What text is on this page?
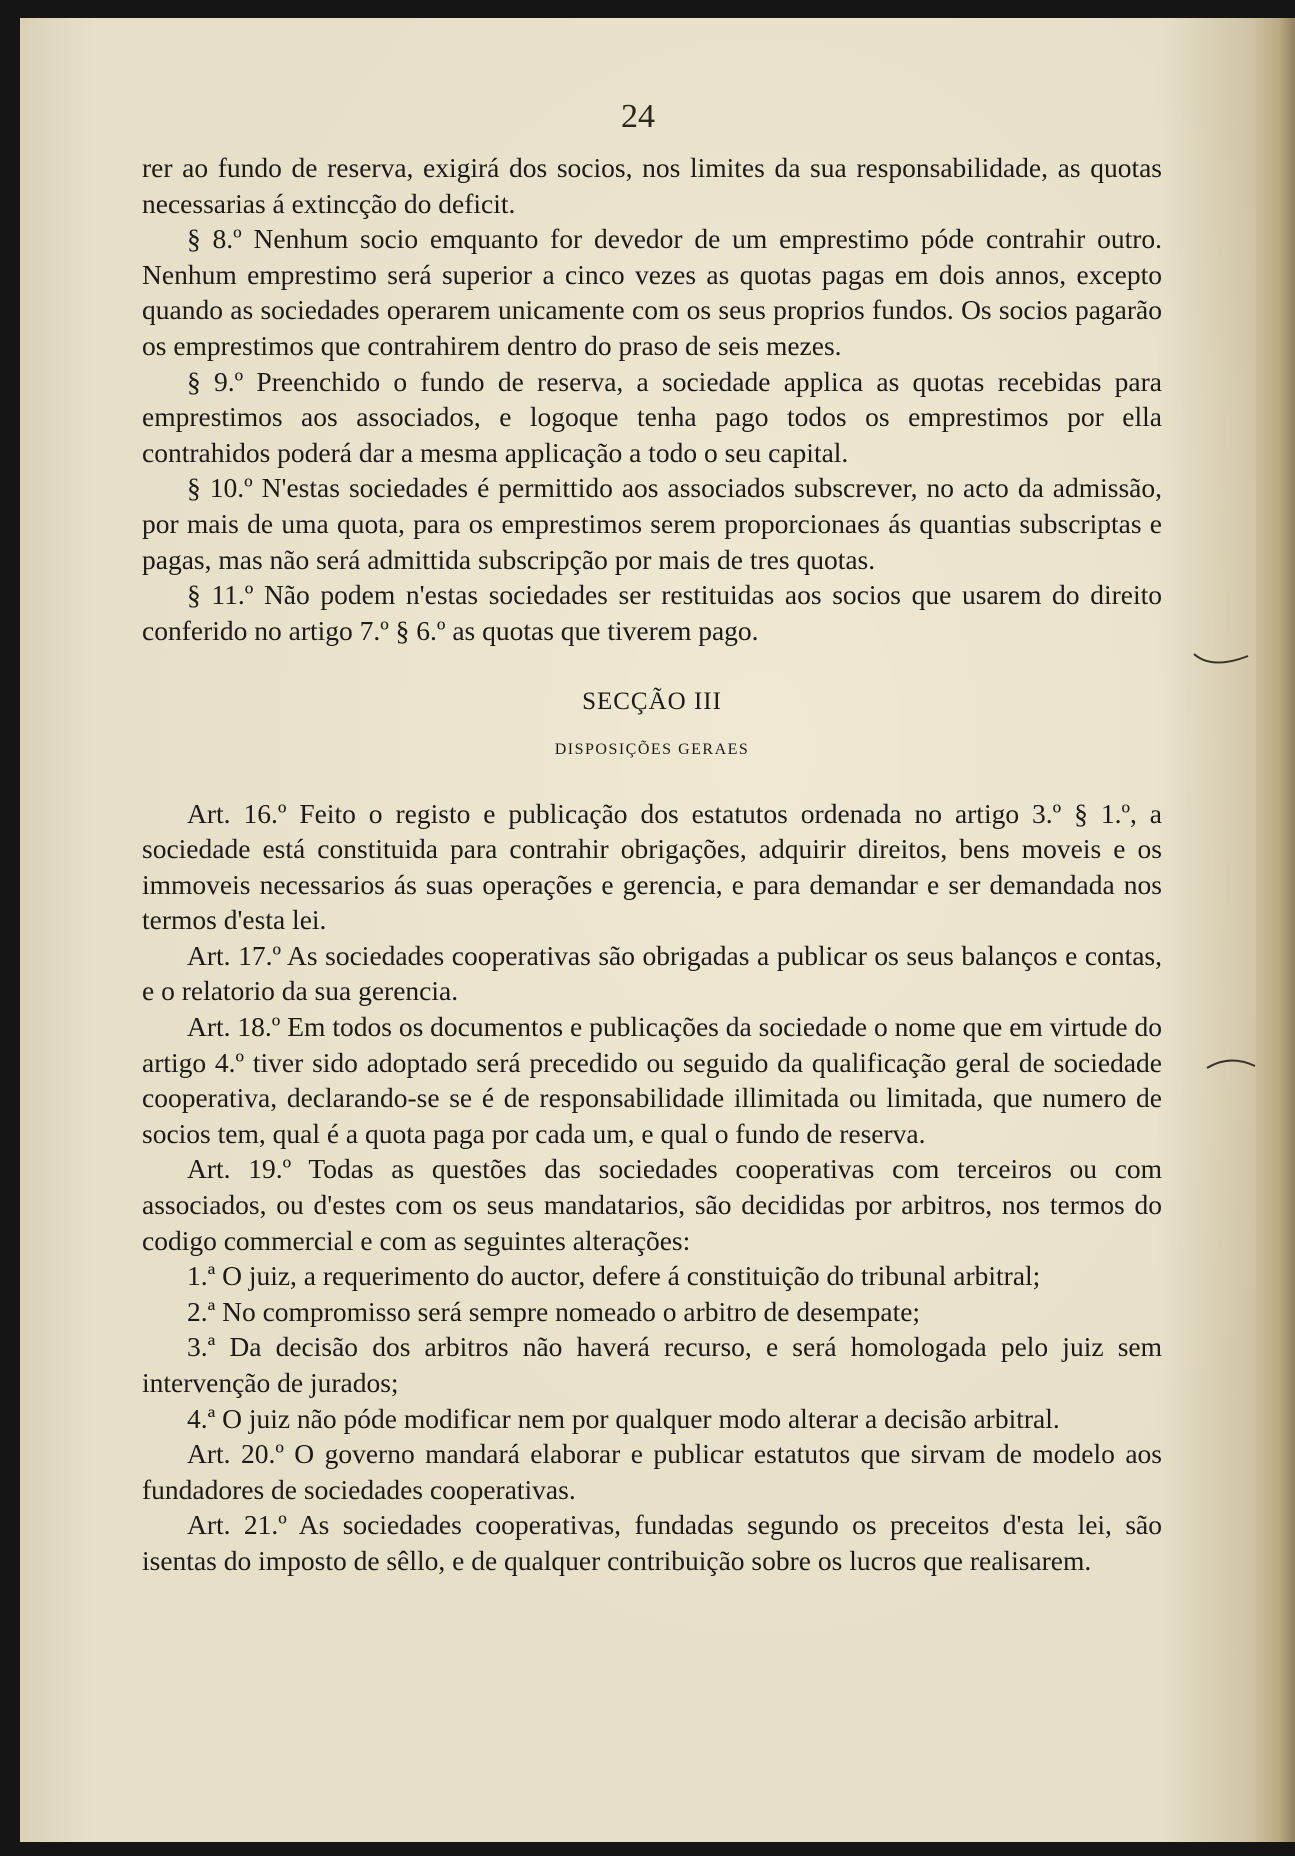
24

rer ao fundo de reserva, exigirá dos socios, nos limites da sua responsabilidade, as quotas necessarias á extincção do deficit.

§ 8.º Nenhum socio emquanto for devedor de um emprestimo póde contrahir outro. Nenhum emprestimo será superior a cinco vezes as quotas pagas em dois annos, excepto quando as sociedades operarem unicamente com os seus proprios fundos. Os socios pagarão os emprestimos que contrahirem dentro do praso de seis mezes.

§ 9.º Preenchido o fundo de reserva, a sociedade applica as quotas recebidas para emprestimos aos associados, e logoque tenha pago todos os emprestimos por ella contrahidos poderá dar a mesma applicação a todo o seu capital.

§ 10.º N'estas sociedades é permittido aos associados subscrever, no acto da admissão, por mais de uma quota, para os emprestimos serem proporcionaes ás quantias subscriptas e pagas, mas não será admittida subscripção por mais de tres quotas.

§ 11.º Não podem n'estas sociedades ser restituidas aos socios que usarem do direito conferido no artigo 7.º § 6.º as quotas que tiverem pago.

SECÇÃO III
DISPOSIÇÕES GERAES

Art. 16.º Feito o registo e publicação dos estatutos ordenada no artigo 3.º § 1.º, a sociedade está constituida para contrahir obrigações, adquirir direitos, bens moveis e os immoveis necessarios ás suas operações e gerencia, e para demandar e ser demandada nos termos d'esta lei.

Art. 17.º As sociedades cooperativas são obrigadas a publicar os seus balanços e contas, e o relatorio da sua gerencia.

Art. 18.º Em todos os documentos e publicações da sociedade o nome que em virtude do artigo 4.º tiver sido adoptado será precedido ou seguido da qualificação geral de sociedade cooperativa, declarando-se se é de responsabilidade illimitada ou limitada, que numero de socios tem, qual é a quota paga por cada um, e qual o fundo de reserva.

Art. 19.º Todas as questões das sociedades cooperativas com terceiros ou com associados, ou d'estes com os seus mandatarios, são decididas por arbitros, nos termos do codigo commercial e com as seguintes alterações:

1.ª O juiz, a requerimento do auctor, defere á constituição do tribunal arbitral;

2.ª No compromisso será sempre nomeado o arbitro de desempate;

3.ª Da decisão dos arbitros não haverá recurso, e será homologada pelo juiz sem intervenção de jurados;

4.ª O juiz não póde modificar nem por qualquer modo alterar a decisão arbitral.

Art. 20.º O governo mandará elaborar e publicar estatutos que sirvam de modelo aos fundadores de sociedades cooperativas.

Art. 21.º As sociedades cooperativas, fundadas segundo os preceitos d'esta lei, são isentas do imposto de sêllo, e de qualquer contribuição sobre os lucros que realisarem.
